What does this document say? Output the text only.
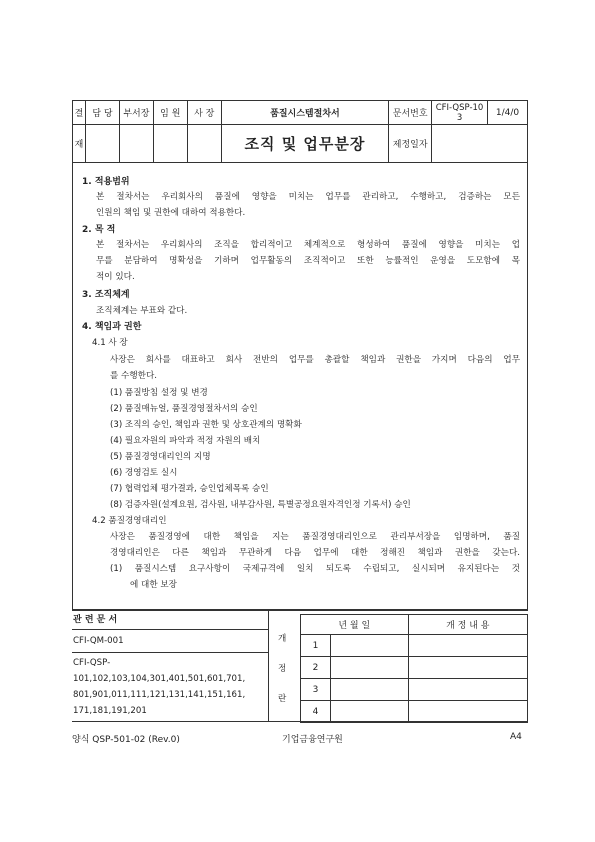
결	담 당	부서장	임 원	사 장	품질시스템절차서	문서번호	CFI-QSP-103	1/4/0
재					조직 및 업무분장	제정일자		
1. 적용범위
본 절차서는 우리회사의 품질에 영향을 미치는 업무를 관리하고, 수행하고, 검증하는 모든
인원의 책임 및 권한에 대하여 적용한다.
2. 목 적
본 절차서는 우리회사의 조직을 합리적이고 체계적으로 형성하여 품질에 영향을 미치는 업
무를 분담하여 명확성을 기하며 업무활동의 조직적이고 또한 능률적인 운영을 도모함에 목
적이 있다.
3. 조직체계
조직체계는 부표와 같다.
4. 책임과 권한
4.1 사 장
사장은 회사를 대표하고 회사 전반의 업무를 총괄할 책임과 권한을 가지며 다음의 업무
를 수행한다.
(1) 품질방침 설정 및 변경
(2) 품질매뉴얼, 품질경영절차서의 승인
(3) 조직의 승인, 책임과 권한 및 상호관계의 명확화
(4) 필요자원의 파악과 적정 자원의 배치
(5) 품질경영대리인의 지명
(6) 경영검토 실시
(7) 협력업체 평가결과, 승인업체목록 승인
(8) 검증자원(설계요원, 검사원, 내부감사원, 특별공정요원자격인정 기록서) 승인
4.2 품질경영대리인
사장은 품질경영에 대한 책임을 지는 품질경영대리인으로 관리부서장을 임명하며, 품질
경영대리인은 다른 책임과 무관하게 다음 업무에 대한 정해진 책임과 권한을 갖는다.
(1) 품질시스템 요구사항이 국제규격에 일치 되도록 수립되고, 실시되며 유지된다는 것
에 대한 보장
관 련 문 서
CFI-QM-001
CFI-QSP-
101,102,103,104,301,401,501,601,701,
801,901,011,111,121,131,141,151,161,
171,181,191,201
개
정
란
년 월 일		개 정 내 용
1		
2		
3		
4		
양식 QSP-501-02 (Rev.0)	기업금융연구원	A4
